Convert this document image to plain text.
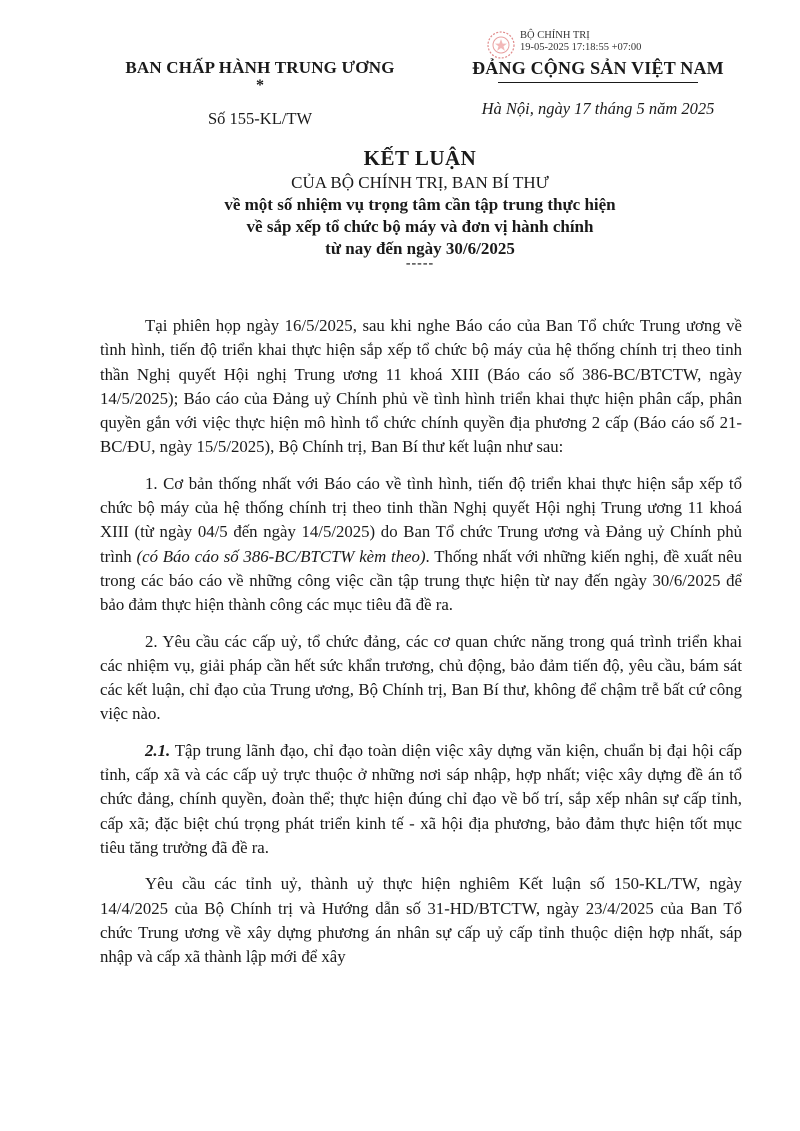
BỘ CHÍNH TRỊ
19-05-2025 17:18:55 +07:00
BAN CHẤP HÀNH TRUNG ƯƠNG
*
Số 155-KL/TW
ĐẢNG CỘNG SẢN VIỆT NAM
Hà Nội, ngày 17 tháng 5 năm 2025
KẾT LUẬN
CỦA BỘ CHÍNH TRỊ, BAN BÍ THƯ
về một số nhiệm vụ trọng tâm cần tập trung thực hiện
về sắp xếp tổ chức bộ máy và đơn vị hành chính
từ nay đến ngày 30/6/2025
-----

Tại phiên họp ngày 16/5/2025, sau khi nghe Báo cáo của Ban Tổ chức Trung ương về tình hình, tiến độ triển khai thực hiện sắp xếp tổ chức bộ máy của hệ thống chính trị theo tinh thần Nghị quyết Hội nghị Trung ương 11 khoá XIII (Báo cáo số 386-BC/BTCTW, ngày 14/5/2025); Báo cáo của Đảng uỷ Chính phủ về tình hình triển khai thực hiện phân cấp, phân quyền gắn với việc thực hiện mô hình tổ chức chính quyền địa phương 2 cấp (Báo cáo số 21-BC/ĐU, ngày 15/5/2025), Bộ Chính trị, Ban Bí thư kết luận như sau:

1. Cơ bản thống nhất với Báo cáo về tình hình, tiến độ triển khai thực hiện sắp xếp tổ chức bộ máy của hệ thống chính trị theo tinh thần Nghị quyết Hội nghị Trung ương 11 khoá XIII (từ ngày 04/5 đến ngày 14/5/2025) do Ban Tổ chức Trung ương và Đảng uỷ Chính phủ trình (có Báo cáo số 386-BC/BTCTW kèm theo). Thống nhất với những kiến nghị, đề xuất nêu trong các báo cáo về những công việc cần tập trung thực hiện từ nay đến ngày 30/6/2025 để bảo đảm thực hiện thành công các mục tiêu đã đề ra.

2. Yêu cầu các cấp uỷ, tổ chức đảng, các cơ quan chức năng trong quá trình triển khai các nhiệm vụ, giải pháp cần hết sức khẩn trương, chủ động, bảo đảm tiến độ, yêu cầu, bám sát các kết luận, chỉ đạo của Trung ương, Bộ Chính trị, Ban Bí thư, không để chậm trễ bất cứ công việc nào.

2.1. Tập trung lãnh đạo, chỉ đạo toàn diện việc xây dựng văn kiện, chuẩn bị đại hội cấp tỉnh, cấp xã và các cấp uỷ trực thuộc ở những nơi sáp nhập, hợp nhất; việc xây dựng đề án tổ chức đảng, chính quyền, đoàn thể; thực hiện đúng chỉ đạo về bố trí, sắp xếp nhân sự cấp tỉnh, cấp xã; đặc biệt chú trọng phát triển kinh tế - xã hội địa phương, bảo đảm thực hiện tốt mục tiêu tăng trưởng đã đề ra.

Yêu cầu các tỉnh uỷ, thành uỷ thực hiện nghiêm Kết luận số 150-KL/TW, ngày 14/4/2025 của Bộ Chính trị và Hướng dẫn số 31-HD/BTCTW, ngày 23/4/2025 của Ban Tổ chức Trung ương về xây dựng phương án nhân sự cấp uỷ cấp tỉnh thuộc diện hợp nhất, sáp nhập và cấp xã thành lập mới để xây
